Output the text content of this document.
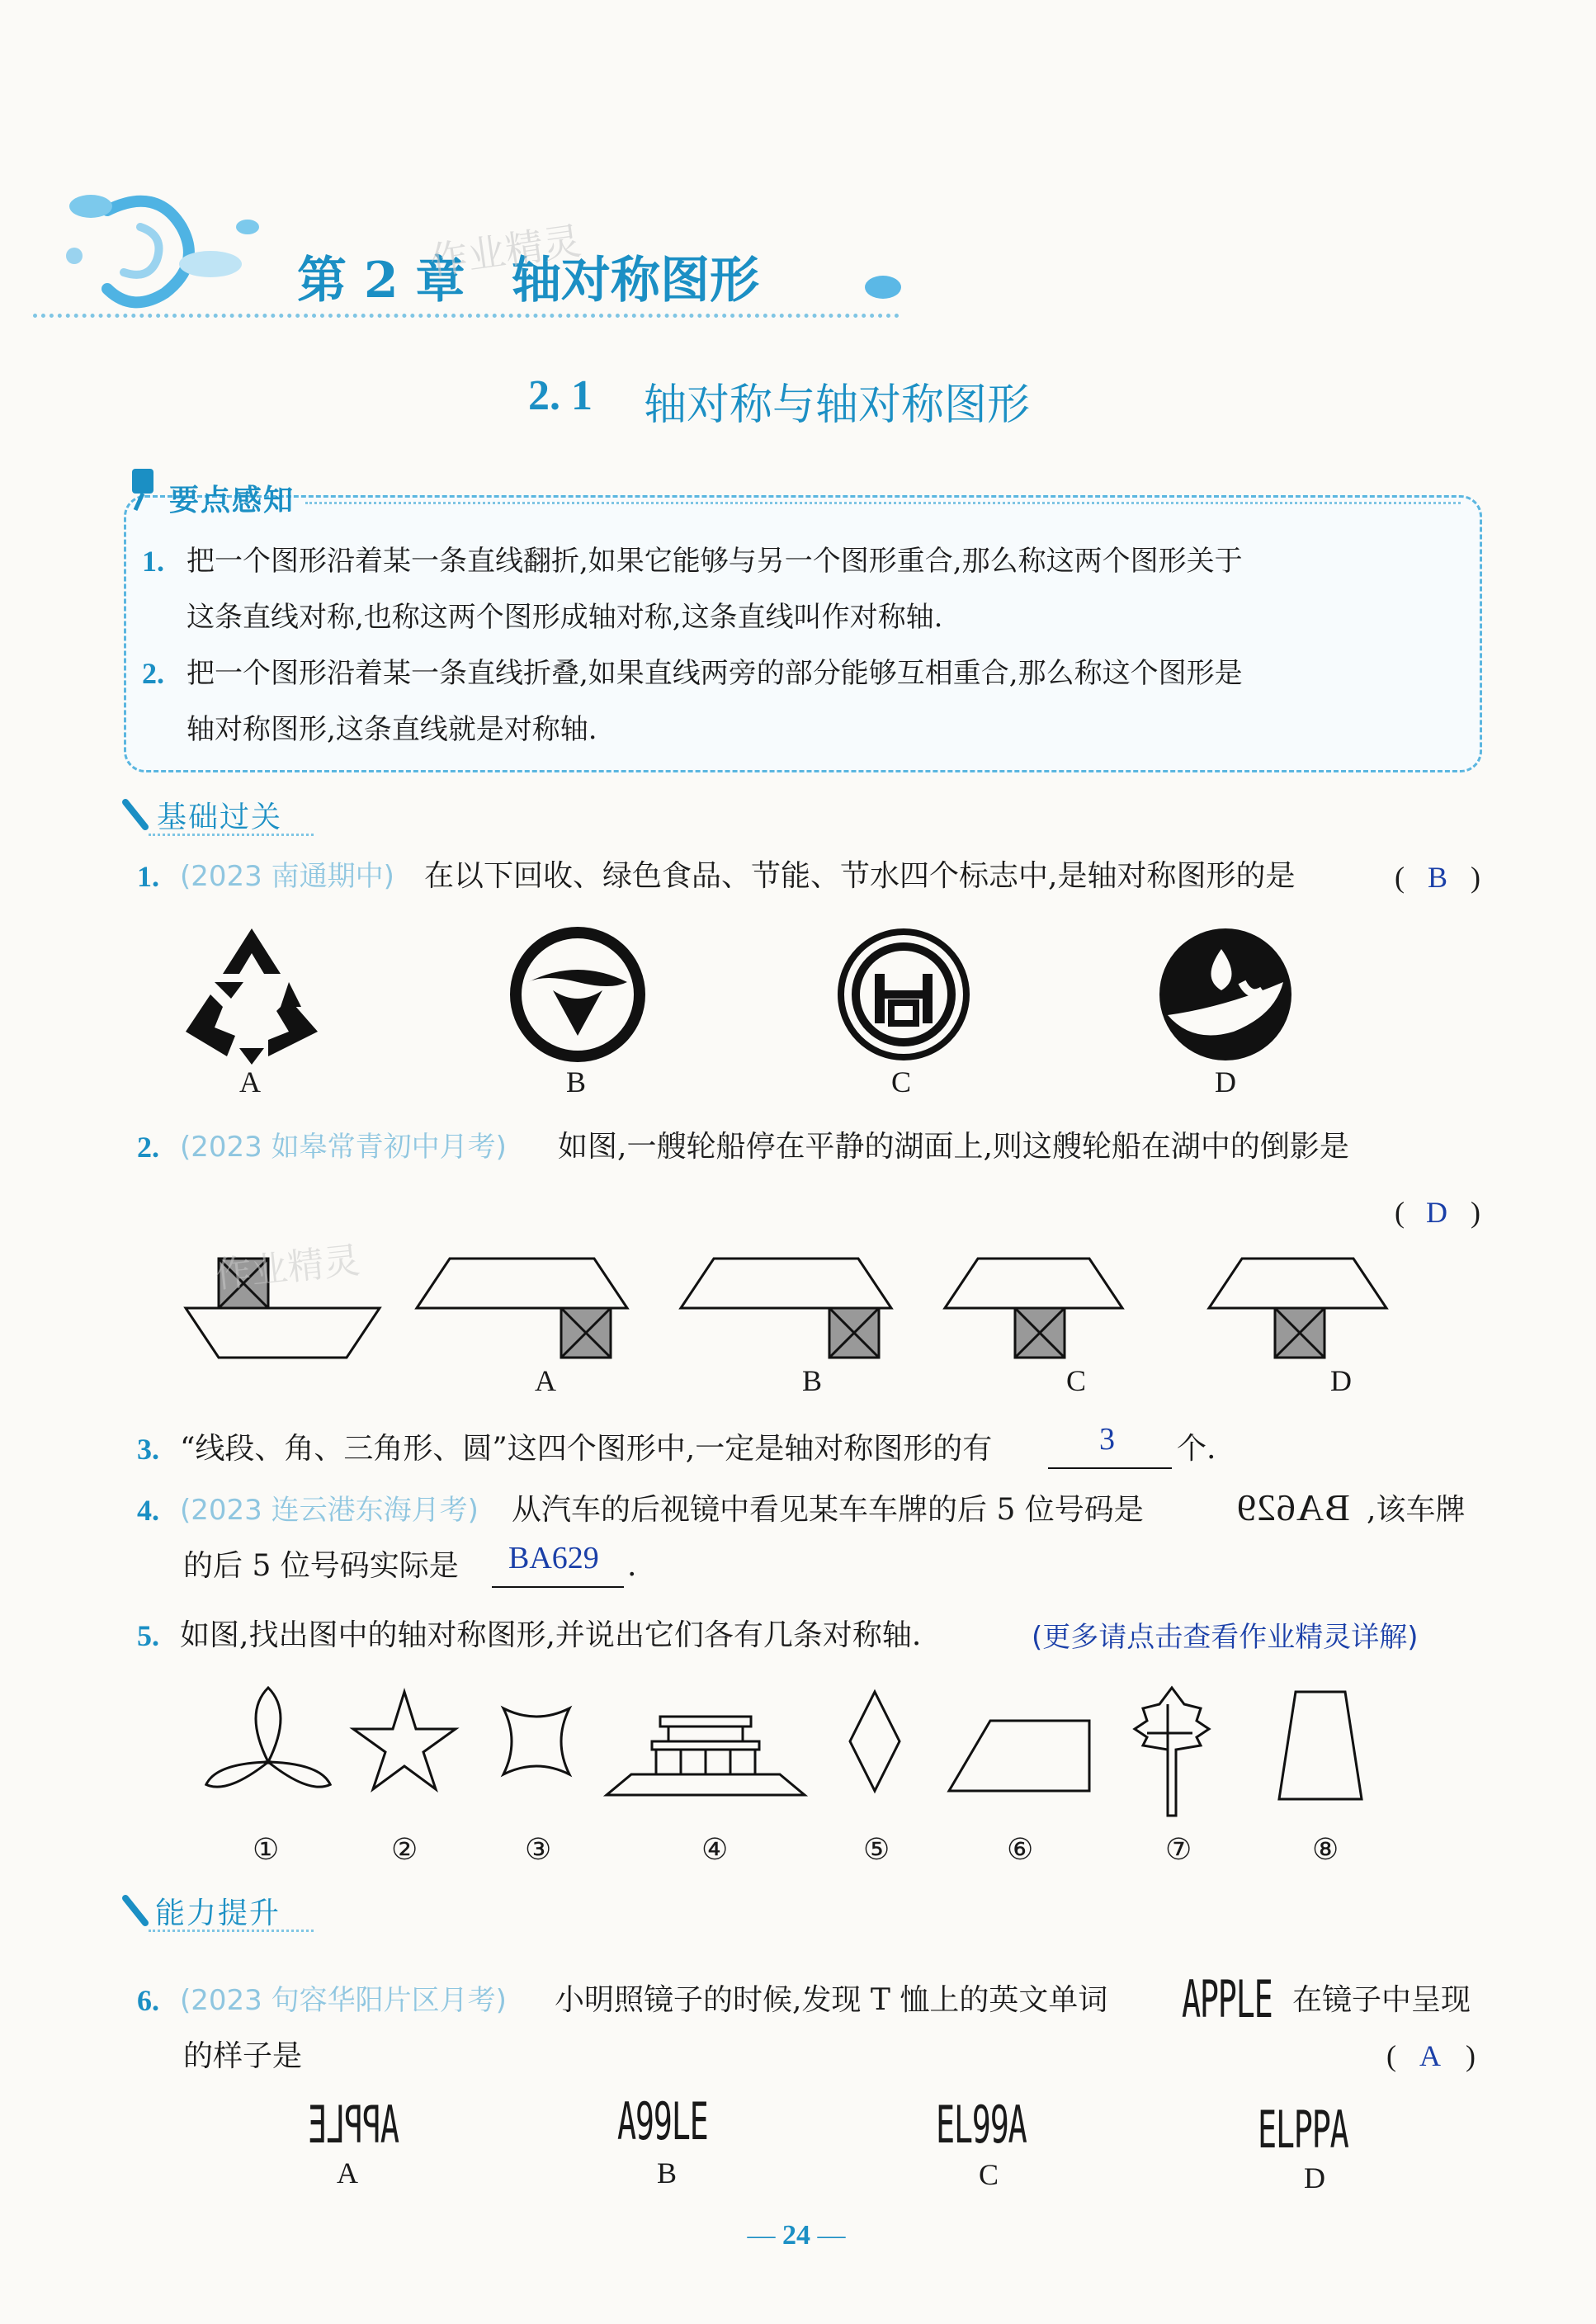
第 2 章 轴对称图形
作业精灵
2. 1 轴对称与轴对称图形
要点感知
1. 把一个图形沿着某一条直线翻折,如果它能够与另一个图形重合,那么称这两个图形关于
这条直线对称,也称这两个图形成轴对称,这条直线叫作对称轴.
2. 把一个图形沿着某一条直线折叠,如果直线两旁的部分能够互相重合,那么称这个图形是
轴对称图形,这条直线就是对称轴.
基础过关
1. (2023 南通期中) 在以下回收、绿色食品、节能、节水四个标志中,是轴对称图形的是	( B )
A	B	C	D
2. (2023 如皋常青初中月考) 如图,一艘轮船停在平静的湖面上,则这艘轮船在湖中的倒影是
( D )
作业精灵
A	B	C	D
3. “线段、角、三角形、圆”这四个图形中,一定是轴对称图形的有	3 个.
4. (2023 连云港东海月考) 从汽车的后视镜中看见某车车牌的后 5 位号码是 BA629 ,该车牌
的后 5 位号码实际是 BA629 .
5. 如图,找出图中的轴对称图形,并说出它们各有几条对称轴.	(更多请点击查看作业精灵详解)
①	②	③	④	⑤	⑥	⑦	⑧
能力提升
6. (2023 句容华阳片区月考) 小明照镜子的时候,发现 T 恤上的英文单词 APPLE 在镜子中呈现
的样子是	( A )
APPLE
A
A99LE
B
EL99A
C
ELPPA
D
— 24 —
